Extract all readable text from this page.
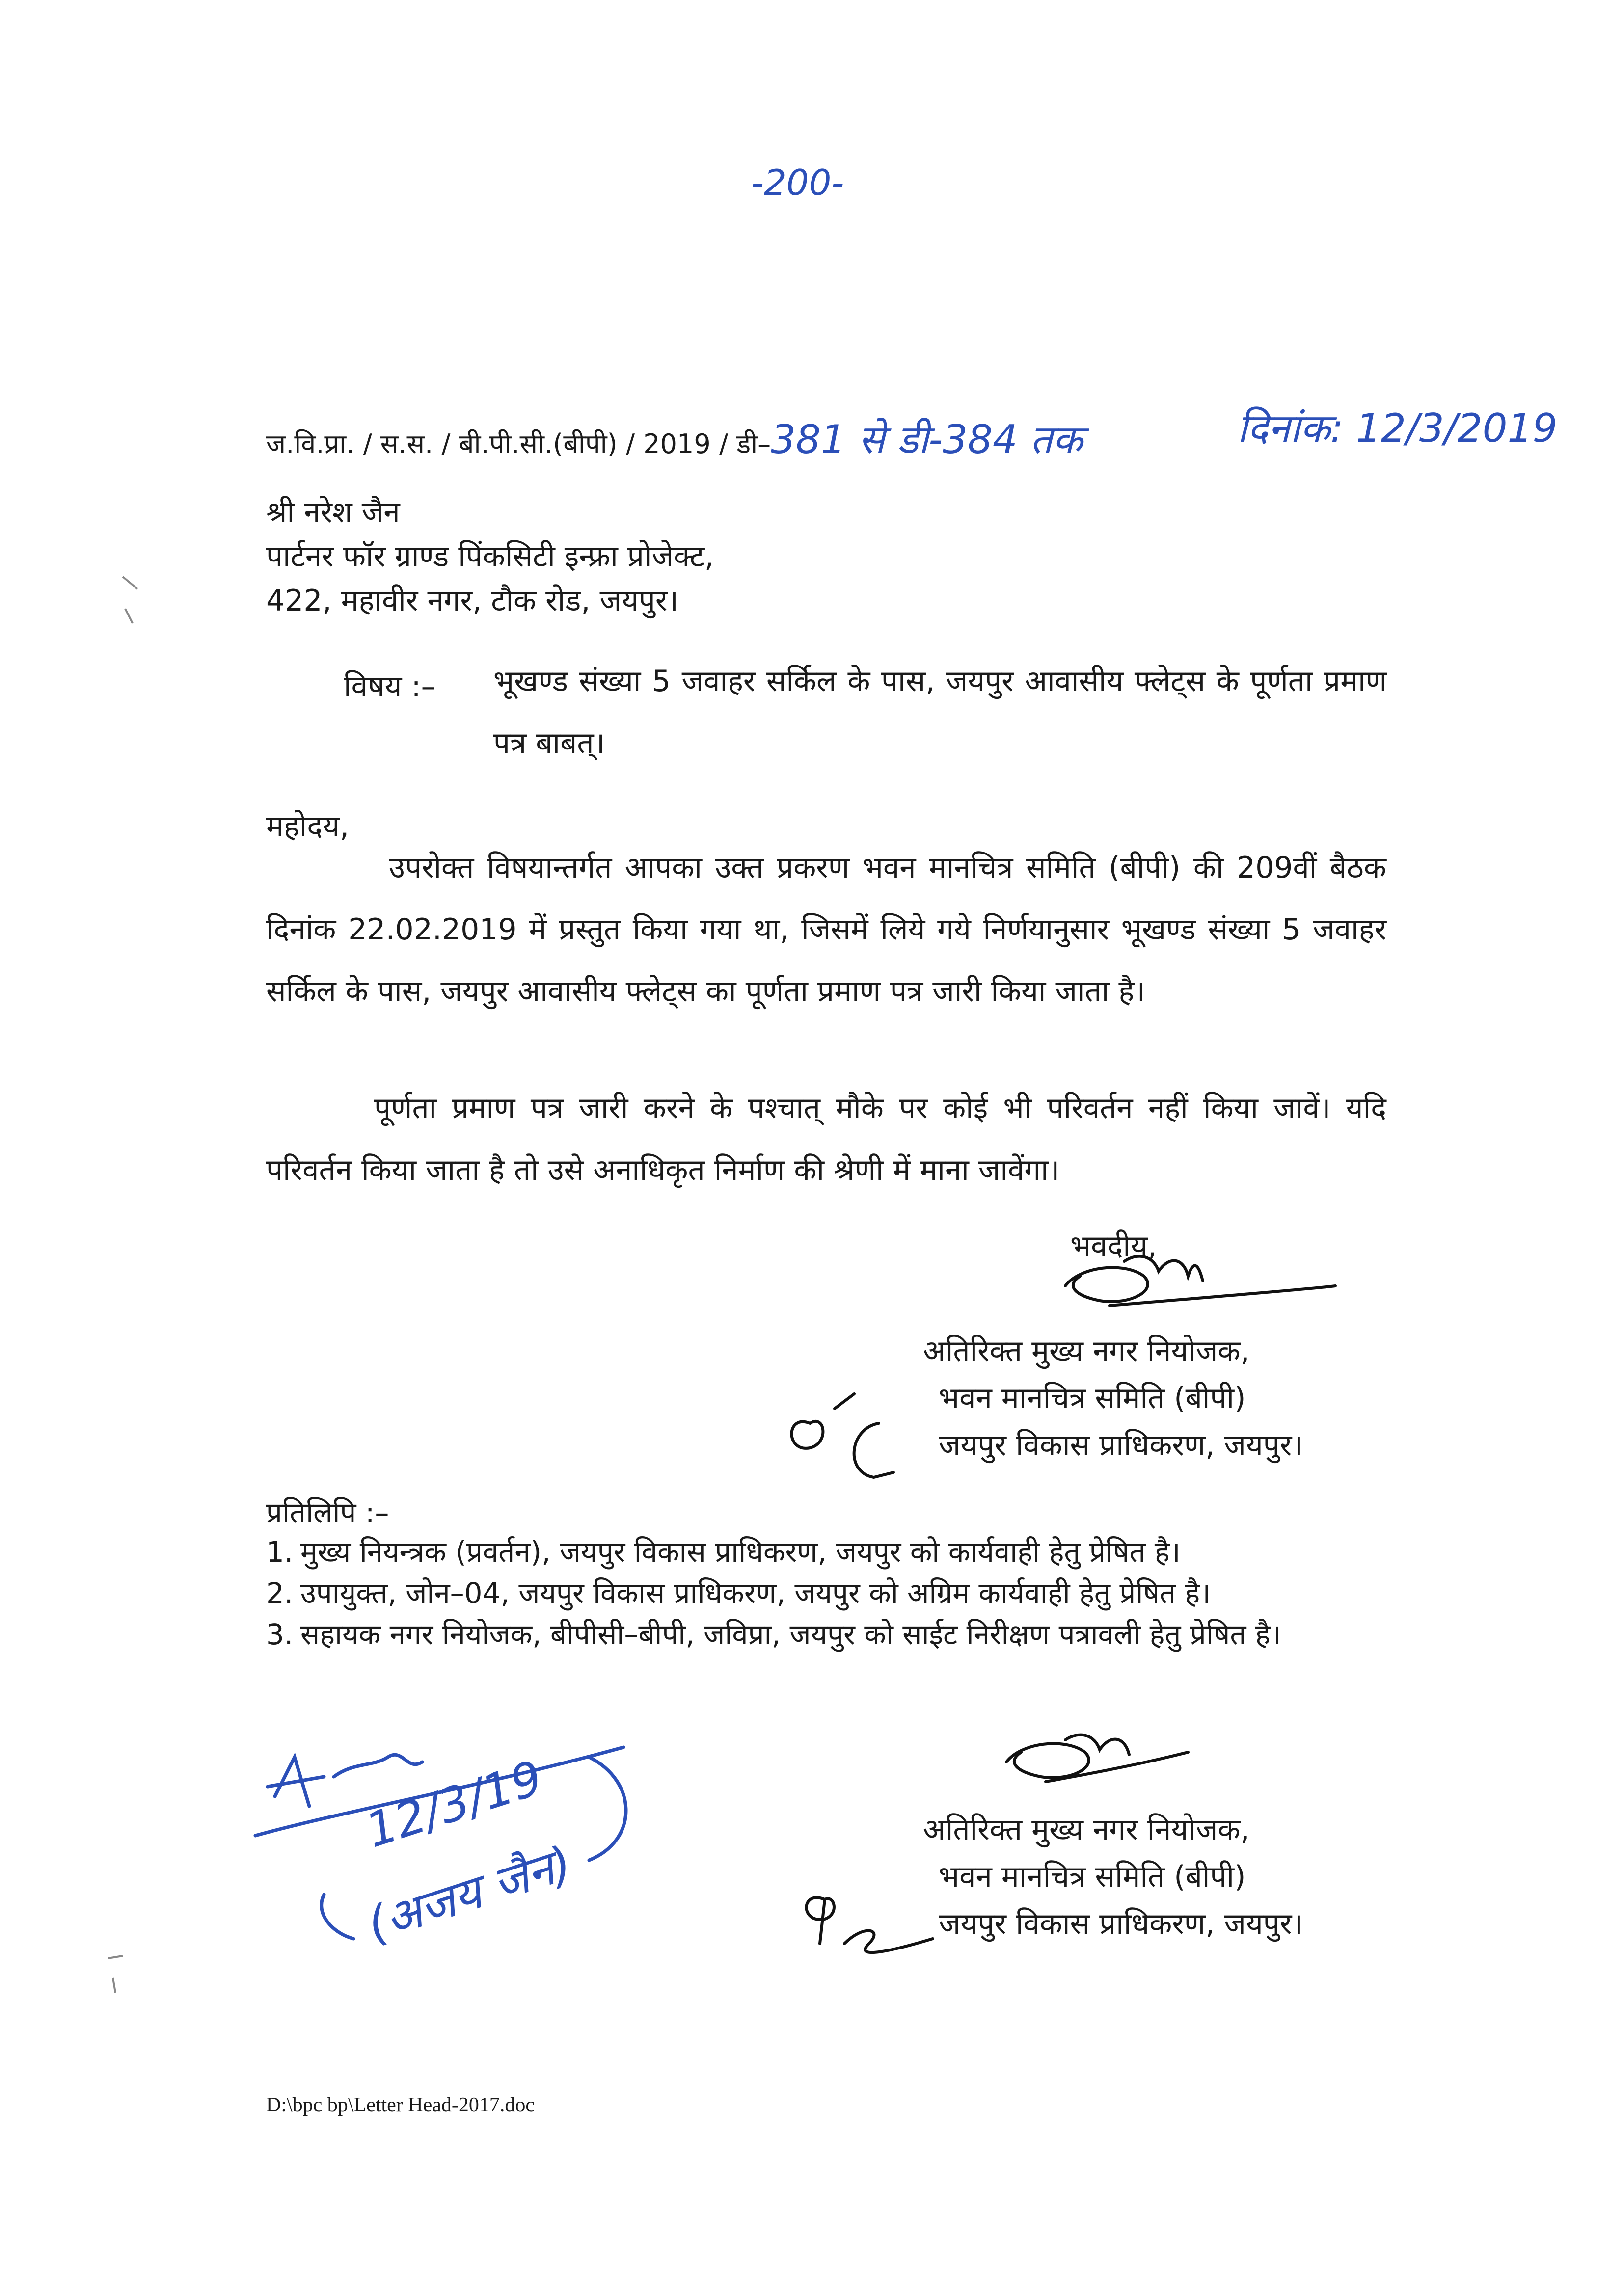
-200-
ज.वि.प्रा. / स.स. / बी.पी.सी.(बीपी) / 2019 / डी–381 से डी-384 तक	दिनांक: 12/3/2019
श्री नरेश जैन
पार्टनर फॉर ग्राण्ड पिंकसिटी इन्फ्रा प्रोजेक्ट,
422, महावीर नगर, टौक रोड, जयपुर।
विषय :– भूखण्ड संख्या 5 जवाहर सर्किल के पास, जयपुर आवासीय फ्लेट्स के पूर्णता प्रमाण पत्र बाबत्।
महोदय,
उपरोक्त विषयान्तर्गत आपका उक्त प्रकरण भवन मानचित्र समिति (बीपी) की 209वीं बैठक दिनांक 22.02.2019 में प्रस्तुत किया गया था, जिसमें लिये गये निर्णयानुसार भूखण्ड संख्या 5 जवाहर सर्किल के पास, जयपुर आवासीय फ्लेट्स का पूर्णता प्रमाण पत्र जारी किया जाता है।
पूर्णता प्रमाण पत्र जारी करने के पश्चात् मौके पर कोई भी परिवर्तन नहीं किया जावें। यदि परिवर्तन किया जाता है तो उसे अनाधिकृत निर्माण की श्रेणी में माना जावेंगा।
भवदीय,
अतिरिक्त मुख्य नगर नियोजक,
भवन मानचित्र समिति (बीपी)
जयपुर विकास प्राधिकरण, जयपुर।
प्रतिलिपि :–
1. मुख्य नियन्त्रक (प्रवर्तन), जयपुर विकास प्राधिकरण, जयपुर को कार्यवाही हेतु प्रेषित है।
2. उपायुक्त, जोन–04, जयपुर विकास प्राधिकरण, जयपुर को अग्रिम कार्यवाही हेतु प्रेषित है।
3. सहायक नगर नियोजक, बीपीसी–बीपी, जविप्रा, जयपुर को साईट निरीक्षण पत्रावली हेतु प्रेषित है।
12/3/19
(अजय जैन)
अतिरिक्त मुख्य नगर नियोजक,
भवन मानचित्र समिति (बीपी)
जयपुर विकास प्राधिकरण, जयपुर।
D:\bpc bp\Letter Head-2017.doc
